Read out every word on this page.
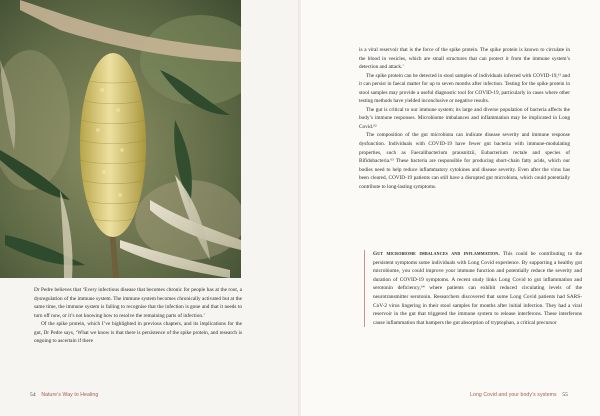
Dr Pedre believes that ‘Every infectious disease that becomes chronic for people has at the root, a dysregulation of the immune system. The immune system becomes chronically activated but at the same time, the immune system is failing to recognise that the infection is gone and that it needs to turn off now, or it’s not knowing how to resolve the remaining parts of infection.’

Of the spike protein, which I’ve highlighted in previous chapters, and its implications for the gut, Dr Pedre says, ‘What we know is that there is persistence of the spike protein, and research is ongoing to ascertain if there

54 Nature’s Way to Healing

is a viral reservoir that is the force of the spike protein. The spike protein is known to circulate in the blood in vesicles, which are small structures that can protect it from the immune system’s detection and attack.’

The spike protein can be detected in stool samples of individuals infected with COVID-19,⁶¹ and it can persist in faecal matter for up to seven months after infection. Testing for the spike protein in stool samples may provide a useful diagnostic tool for COVID-19, particularly in cases where other testing methods have yielded inconclusive or negative results.

The gut is critical to our immune system; its large and diverse population of bacteria affects the body’s immune responses. Microbiome imbalances and inflammation may be implicated in Long Covid.⁶²

The composition of the gut microbiota can indicate disease severity and immune response dysfunction. Individuals with COVID-19 have fewer gut bacteria with immune-modulating properties, such as Faecalibacterium prausnitzii, Eubacterium rectale and species of Bifidobacteria.⁶³ These bacteria are responsible for producing short-chain fatty acids, which our bodies need to help reduce inflammatory cytokines and disease severity. Even after the virus has been cleared, COVID-19 patients can still have a disrupted gut microbiota, which could potentially contribute to long-lasting symptoms.

Gut microbiome imbalances and inflammation. This could be contributing to the persistent symptoms some individuals with Long Covid experience. By supporting a healthy gut microbiome, you could improve your immune function and potentially reduce the severity and duration of COVID-19 symptoms. A recent study links Long Covid to gut inflammation and serotonin deficiency,⁶⁴ where patients can exhibit reduced circulating levels of the neurotransmitter serotonin. Researchers discovered that some Long Covid patients had SARS-CoV-2 virus lingering in their stool samples for months after initial infection. They had a viral reservoir in the gut that triggered the immune system to release interferons. These interferons cause inflammation that hampers the gut absorption of tryptophan, a critical precursor

Long Covid and your body’s systems 55
